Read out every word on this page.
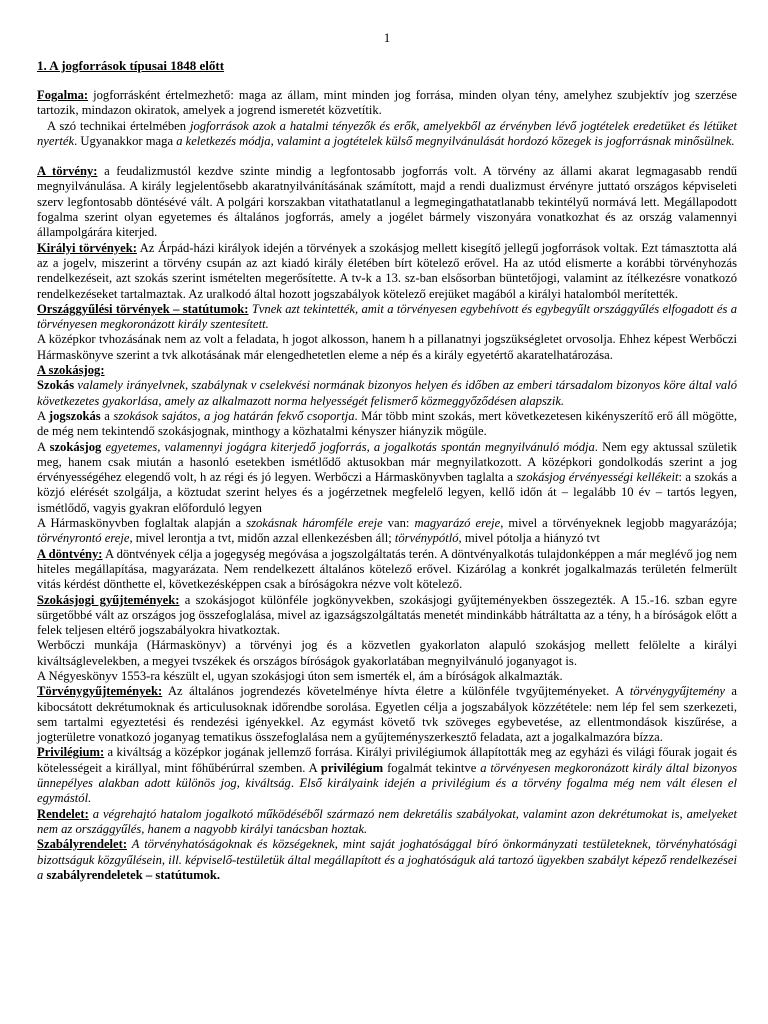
1
1. A jogforrások típusai 1848 előtt

Fogalma: jogforrásként értelmezhető: maga az állam, mint minden jog forrása, minden olyan tény, amelyhez szubjektív jog szerzése tartozik, mindazon okiratok, amelyek a jogrend ismeretét közvetítik.

A szó technikai értelmében jogforrások azok a hatalmi tényezők és erők, amelyekből az érvényben lévő jogtételek eredetüket és létüket nyerték. Ugyanakkor maga a keletkezés módja, valamint a jogtételek külső megnyilvánulását hordozó közegek is jogforrásnak minősülnek.

A törvény: a feudalizmustól kezdve szinte mindig a legfontosabb jogforrás volt. A törvény az állami akarat legmagasabb rendű megnyilvánulása. A király legjelentősebb akaratnyilvánításának számított, majd a rendi dualizmust érvényre juttató országos képviseleti szerv legfontosabb döntésévé vált. A polgári korszakban vitathatatlanul a legmegingathatatlanabb tekintélyű normává lett. Megállapodott fogalma szerint olyan egyetemes és általános jogforrás, amely a jogélet bármely viszonyára vonatkozhat és az ország valamennyi állampolgárára kiterjed.

Királyi törvények: Az Árpád-házi királyok idején a törvények a szokásjog mellett kisegítő jellegű jogforrások voltak. Ezt támasztotta alá az a jogelv, miszerint a törvény csupán az azt kiadó király életében bírt kötelező erővel. Ha az utód elismerte a korábbi törvényhozás rendelkezéseit, azt szokás szerint ismételten megerősítette. A tv-k a 13. sz-ban elsősorban büntetőjogi, valamint az ítélkezésre vonatkozó rendelkezéseket tartalmaztak. Az uralkodó által hozott jogszabályok kötelező erejüket magából a királyi hatalomból merítették.

Országgyűlési törvények – statútumok: Tvnek azt tekintették, amit a törvényesen egybehívott és egybegyűlt országgyűlés elfogadott és a törvényesen megkoronázott király szentesített.

A középkor tvhozásának nem az volt a feladata, h jogot alkosson, hanem h a pillanatnyi jogszükségletet orvosolja. Ehhez képest Werbőczi Hármaskönyve szerint a tvk alkotásának már elengedhetetlen eleme a nép és a király egyetértő akaratelhatározása.

A szokásjog:

Szokás valamely irányelvnek, szabálynak v cselekvési normának bizonyos helyen és időben az emberi társadalom bizonyos köre által való következetes gyakorlása, amely az alkalmazott norma helyességét felismerő közmeggyőződésen alapszik.

A jogszokás a szokások sajátos, a jog határán fekvő csoportja. Már több mint szokás, mert következetesen kikényszerítő erő áll mögötte, de még nem tekintendő szokásjognak, minthogy a közhatalmi kényszer hiányzik mögüle.

A szokásjog egyetemes, valamennyi jogágra kiterjedő jogforrás, a jogalkotás spontán megnyilvánuló módja. Nem egy aktussal születik meg, hanem csak miután a hasonló esetekben ismétlődő aktusokban már megnyilatkozott. A középkori gondolkodás szerint a jog érvényességéhez elegendő volt, h az régi és jó legyen. Werbőczi a Hármaskönyvben taglalta a szokásjog érvényességi kellékeit: a szokás a közjó elérését szolgálja, a köztudat szerint helyes és a jogérzetnek megfelelő legyen, kellő időn át – legalább 10 év – tartós legyen, ismétlődő, vagyis gyakran előforduló legyen

A Hármaskönyvben foglaltak alapján a szokásnak háromféle ereje van: magyarázó ereje, mivel a törvényeknek legjobb magyarázója; törvényrontó ereje, mivel lerontja a tvt, midőn azzal ellenkezésben áll; törvénypótló, mivel pótolja a hiányzó tvt

A döntvény: A döntvények célja a jogegység megóvása a jogszolgáltatás terén. A döntvényalkotás tulajdonképpen a már meglévő jog nem hiteles megállapítása, magyarázata. Nem rendelkezett általános kötelező erővel. Kizárólag a konkrét jogalkalmazás területén felmerült vitás kérdést dönthette el, következésképpen csak a bíróságokra nézve volt kötelező.

Szokásjogi gyűjtemények: a szokásjogot különféle jogkönyvekben, szokásjogi gyűjteményekben összegezték. A 15.-16. szban egyre sürgetőbbé vált az országos jog összefoglalása, mivel az igazságszolgáltatás menetét mindinkább hátráltatta az a tény, h a bíróságok előtt a felek teljesen eltérő jogszabályokra hivatkoztak.

Werbőczi munkája (Hármaskönyv) a törvényi jog és a közvetlen gyakorlaton alapuló szokásjog mellett felölelte a királyi kiváltságlevelekben, a megyei tvszékek és országos bíróságok gyakorlatában megnyilvánuló joganyagot is.

A Négyeskönyv 1553-ra készült el, ugyan szokásjogi úton sem ismerték el, ám a bíróságok alkalmazták.

Törvénygyűjtemények: Az általános jogrendezés követelménye hívta életre a különféle tvgyűjteményeket. A törvénygyűjtemény a kibocsátott dekrétumoknak és articulusoknak időrendbe sorolása. Egyetlen célja a jogszabályok közzététele: nem lép fel sem szerkezeti, sem tartalmi egyeztetési és rendezési igényekkel. Az egymást követő tvk szöveges egybevetése, az ellentmondások kiszűrése, a jogterületre vonatkozó joganyag tematikus összefoglalása nem a gyűjteményszerkesztő feladata, azt a jogalkalmazóra bízza.

Privilégium: a kiváltság a középkor jogának jellemző forrása. Királyi privilégiumok állapították meg az egyházi és világi főurak jogait és kötelességeit a királlyal, mint főhűbérúrral szemben. A privilégium fogalmát tekintve a törvényesen megkoronázott király által bizonyos ünnepélyes alakban adott különös jog, kiváltság. Első királyaink idején a privilégium és a törvény fogalma még nem vált élesen el egymástól.

Rendelet: a végrehajtó hatalom jogalkotó működéséből származó nem dekretális szabályokat, valamint azon dekrétumokat is, amelyeket nem az országgyűlés, hanem a nagyobb királyi tanácsban hoztak.

Szabályrendelet: A törvényhatóságoknak és községeknek, mint saját joghatósággal bíró önkormányzati testületeknek, törvényhatósági bizottságuk közgyűlésein, ill. képviselő-testületük által megállapított és a joghatóságuk alá tartozó ügyekben szabályt képező rendelkezései a szabályrendeletek – statútumok.
